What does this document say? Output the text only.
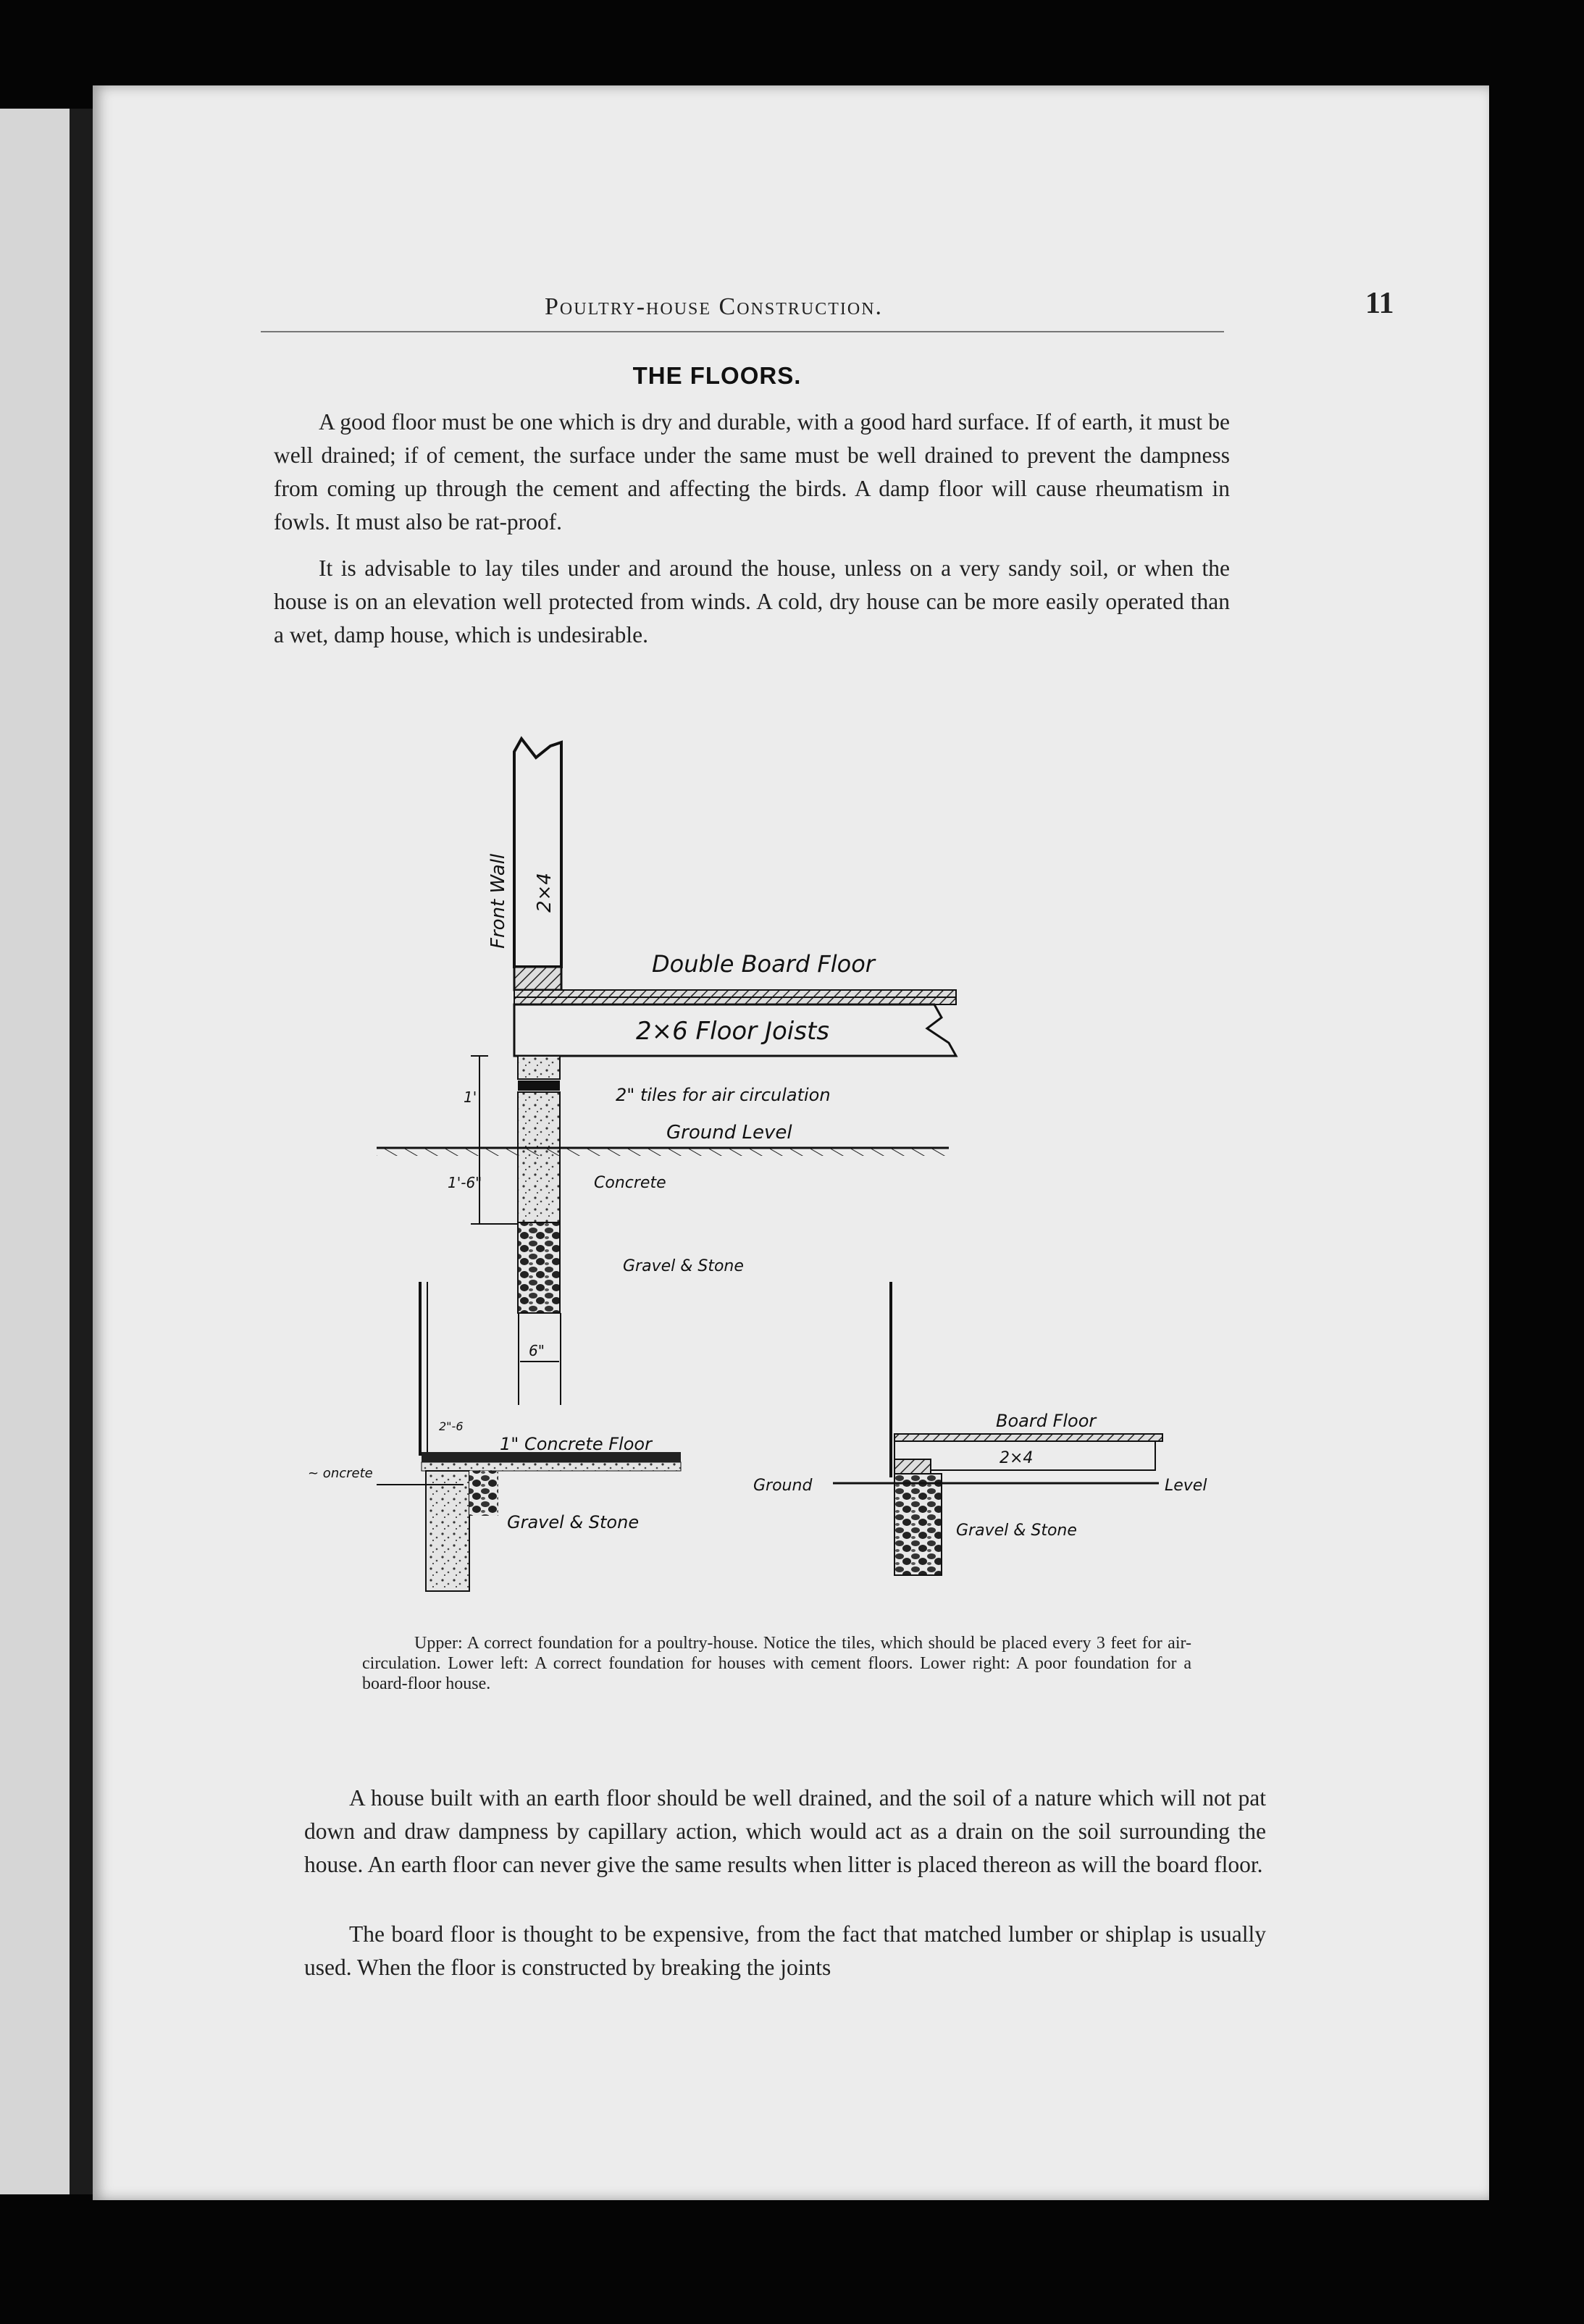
Poultry-house Construction.	11
THE FLOORS.
A good floor must be one which is dry and durable, with a good hard surface. If of earth, it must be well drained; if of cement, the surface under the same must be well drained to prevent the dampness from coming up through the cement and affecting the birds. A damp floor will cause rheumatism in fowls. It must also be rat-proof.
It is advisable to lay tiles under and around the house, unless on a very sandy soil, or when the house is on an elevation well protected from winds. A cold, dry house can be more easily operated than a wet, damp house, which is undesirable.
Front Wall 2×4
Double Board Floor
2×6 Floor Joists
2" tiles for air circulation
Ground Level
Concrete
Gravel & Stone
1'
1'-6"
6"
1" Concrete Floor
2"-6
~ oncrete
Gravel & Stone
Board Floor
2×4
Ground	Level
Gravel & Stone
Upper: A correct foundation for a poultry-house. Notice the tiles, which should be placed every 3 feet for air-circulation. Lower left: A correct foundation for houses with cement floors. Lower right: A poor foundation for a board-floor house.
A house built with an earth floor should be well drained, and the soil of a nature which will not pat down and draw dampness by capillary action, which would act as a drain on the soil surrounding the house. An earth floor can never give the same results when litter is placed thereon as will the board floor.
The board floor is thought to be expensive, from the fact that matched lumber or shiplap is usually used. When the floor is constructed by breaking the joints
